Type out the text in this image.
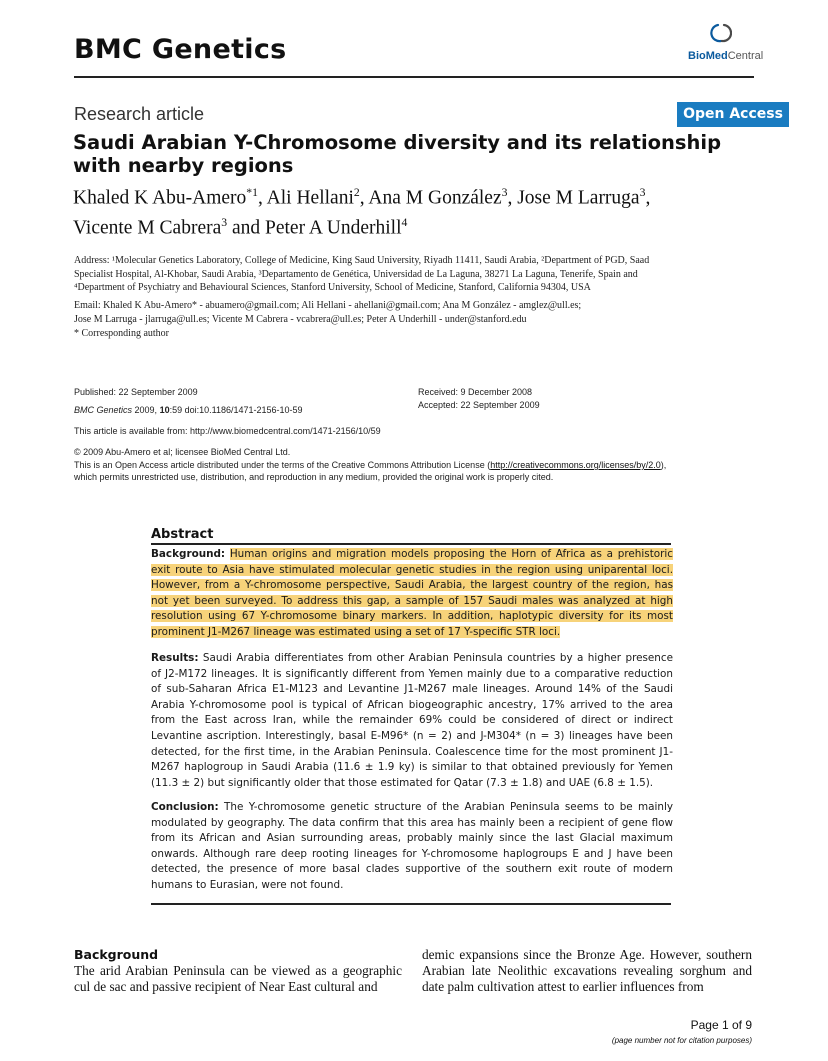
BMC Genetics	BioMedCentral
Research article	Open Access
Saudi Arabian Y-Chromosome diversity and its relationship with nearby regions
Khaled K Abu-Amero$^{*1}$, Ali Hellani$^2$, Ana M González$^3$, Jose M Larruga$^3$,
Vicente M Cabrera$^3$ and Peter A Underhill$^4$
Address: ¹Molecular Genetics Laboratory, College of Medicine, King Saud University, Riyadh 11411, Saudi Arabia, ²Department of PGD, Saad
Specialist Hospital, Al-Khobar, Saudi Arabia, ³Departamento de Genética, Universidad de La Laguna, 38271 La Laguna, Tenerife, Spain and
⁴Department of Psychiatry and Behavioural Sciences, Stanford University, School of Medicine, Stanford, California 94304, USA
Email: Khaled K Abu-Amero* - abuamero@gmail.com; Ali Hellani - ahellani@gmail.com; Ana M González - amglez@ull.es;
Jose M Larruga - jlarruga@ull.es; Vicente M Cabrera - vcabrera@ull.es; Peter A Underhill - under@stanford.edu
* Corresponding author
Published: 22 September 2009
BMC Genetics 2009, 10:59 doi:10.1186/1471-2156-10-59
Received: 9 December 2008
Accepted: 22 September 2009
This article is available from: http://www.biomedcentral.com/1471-2156/10/59
© 2009 Abu-Amero et al; licensee BioMed Central Ltd.
This is an Open Access article distributed under the terms of the Creative Commons Attribution License (http://creativecommons.org/licenses/by/2.0),
which permits unrestricted use, distribution, and reproduction in any medium, provided the original work is properly cited.
Abstract
Background: Human origins and migration models proposing the Horn of Africa as a prehistoric exit route to Asia have stimulated molecular genetic studies in the region using uniparental loci. However, from a Y-chromosome perspective, Saudi Arabia, the largest country of the region, has not yet been surveyed. To address this gap, a sample of 157 Saudi males was analyzed at high resolution using 67 Y-chromosome binary markers. In addition, haplotypic diversity for its most prominent J1-M267 lineage was estimated using a set of 17 Y-specific STR loci.
Results: Saudi Arabia differentiates from other Arabian Peninsula countries by a higher presence of J2-M172 lineages. It is significantly different from Yemen mainly due to a comparative reduction of sub-Saharan Africa E1-M123 and Levantine J1-M267 male lineages. Around 14% of the Saudi Arabia Y-chromosome pool is typical of African biogeographic ancestry, 17% arrived to the area from the East across Iran, while the remainder 69% could be considered of direct or indirect Levantine ascription. Interestingly, basal E-M96* (n = 2) and J-M304* (n = 3) lineages have been detected, for the first time, in the Arabian Peninsula. Coalescence time for the most prominent J1-M267 haplogroup in Saudi Arabia (11.6 ± 1.9 ky) is similar to that obtained previously for Yemen (11.3 ± 2) but significantly older that those estimated for Qatar (7.3 ± 1.8) and UAE (6.8 ± 1.5).
Conclusion: The Y-chromosome genetic structure of the Arabian Peninsula seems to be mainly modulated by geography. The data confirm that this area has mainly been a recipient of gene flow from its African and Asian surrounding areas, probably mainly since the last Glacial maximum onwards. Although rare deep rooting lineages for Y-chromosome haplogroups E and J have been detected, the presence of more basal clades supportive of the southern exit route of modern humans to Eurasian, were not found.
Background
The arid Arabian Peninsula can be viewed as a geographic cul de sac and passive recipient of Near East cultural and
demic expansions since the Bronze Age. However, southern Arabian late Neolithic excavations revealing sorghum and date palm cultivation attest to earlier influences from
Page 1 of 9
(page number not for citation purposes)
